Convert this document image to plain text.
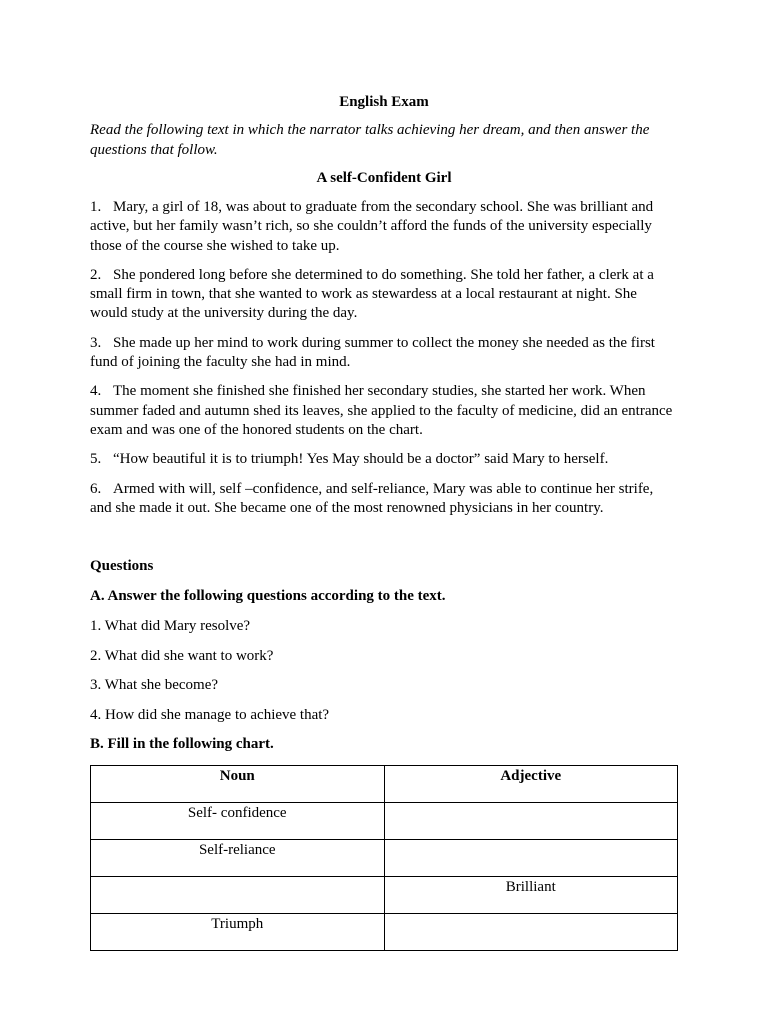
English Exam
Read the following text in which the narrator talks achieving her dream, and then answer the questions that follow.
A self-Confident Girl
1. Mary, a girl of 18, was about to graduate from the secondary school. She was brilliant and active, but her family wasn’t rich, so she couldn’t afford the funds of the university especially those of the course she wished to take up.
2. She pondered long before she determined to do something. She told her father, a clerk at a small firm in town, that she wanted to work as stewardess at a local restaurant at night. She would study at the university during the day.
3. She made up her mind to work during summer to collect the money she needed as the first fund of joining the faculty she had in mind.
4. The moment she finished she finished her secondary studies, she started her work. When summer faded and autumn shed its leaves, she applied to the faculty of medicine, did an entrance exam and was one of the honored students on the chart.
5. “How beautiful it is to triumph! Yes May should be a doctor” said Mary to herself.
6. Armed with will, self –confidence, and self-reliance, Mary was able to continue her strife, and she made it out. She became one of the most renowned physicians in her country.
Questions
A. Answer the following questions according to the text.
1. What did Mary resolve?
2. What did she want to work?
3. What she become?
4. How did she manage to achieve that?
B. Fill in the following chart.
Noun	Adjective
Self- confidence	
Self-reliance	
	Brilliant
Triumph	
